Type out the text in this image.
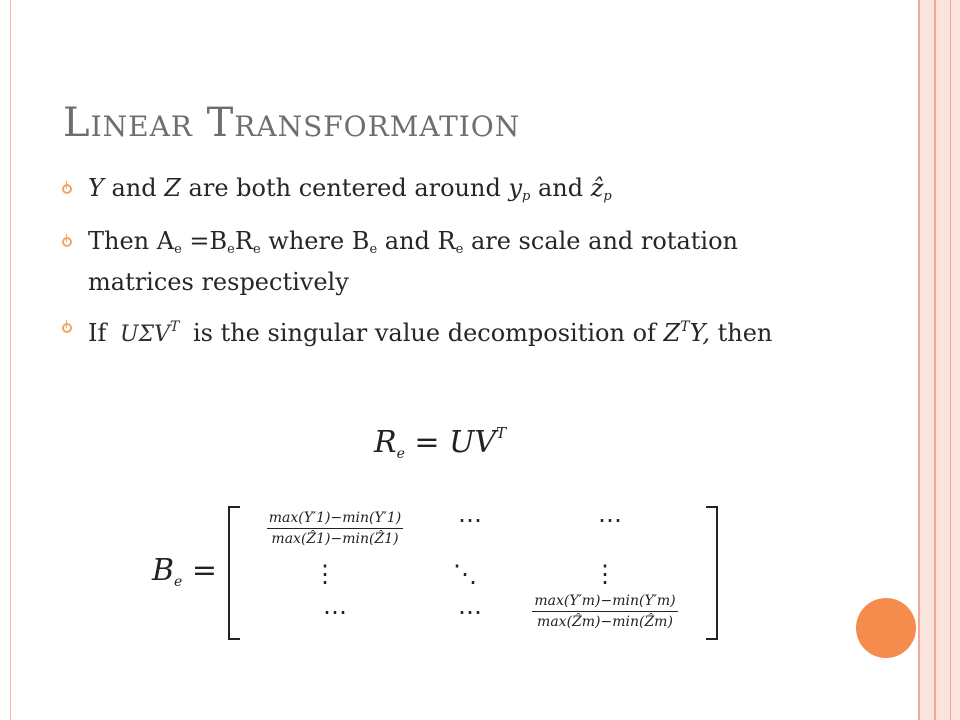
Linear Transformation
Y and Z are both centered around $y_p$ and ẑ$_p$
Then $A_e =B_eR_e$ where $B_e$ and $R_e$ are scale and rotation matrices respectively
If $U\Sigma V^T$ is the singular value decomposition of $Z^TY$, then
$R_e = UV^T$
$B_e$ =
$\frac{\max(Y'1)-\min(Y'1)}{\text{max(Ẑ1)−min(Ẑ1)}}$	⋯	⋯
⋮	⋱	⋮
⋯	⋯	$\frac{\max(Y'm)-\min(Y'm)}{\text{max(Ẑm)−min(Ẑm)}}$
